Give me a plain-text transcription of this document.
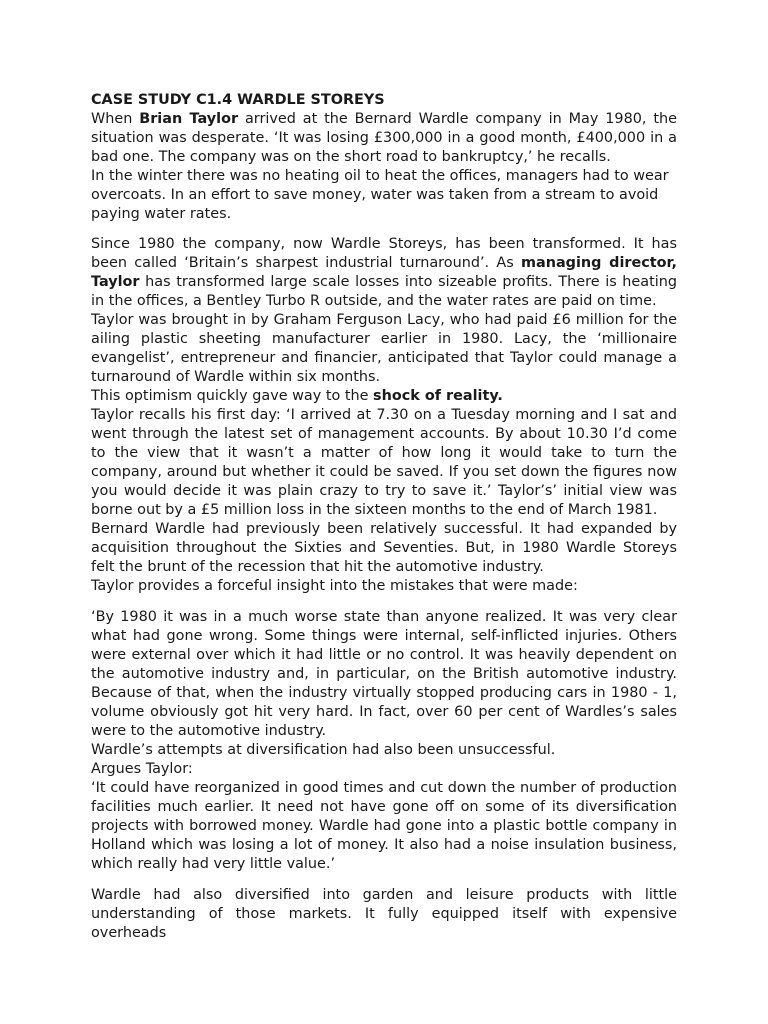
CASE STUDY C1.4 WARDLE STOREYS

When Brian Taylor arrived at the Bernard Wardle company in May 1980, the situation was desperate. ‘It was losing £300,000 in a good month, £400,000 in a bad one. The company was on the short road to bankruptcy,’ he recalls.

In the winter there was no heating oil to heat the offices, managers had to wear overcoats. In an effort to save money, water was taken from a stream to avoid paying water rates.

Since 1980 the company, now Wardle Storeys, has been transformed. It has been called ‘Britain’s sharpest industrial turnaround’. As managing director, Taylor has transformed large scale losses into sizeable profits. There is heating in the offices, a Bentley Turbo R outside, and the water rates are paid on time.

Taylor was brought in by Graham Ferguson Lacy, who had paid £6 million for the ailing plastic sheeting manufacturer earlier in 1980. Lacy, the ‘millionaire evangelist’, entrepreneur and financier, anticipated that Taylor could manage a turnaround of Wardle within six months.

This optimism quickly gave way to the shock of reality.

Taylor recalls his first day: ‘I arrived at 7.30 on a Tuesday morning and I sat and went through the latest set of management accounts. By about 10.30 I’d come to the view that it wasn’t a matter of how long it would take to turn the company, around but whether it could be saved. If you set down the figures now you would decide it was plain crazy to try to save it.’ Taylor’s’ initial view was borne out by a £5 million loss in the sixteen months to the end of March 1981.

Bernard Wardle had previously been relatively successful. It had expanded by acquisition throughout the Sixties and Seventies. But, in 1980 Wardle Storeys felt the brunt of the recession that hit the automotive industry.

Taylor provides a forceful insight into the mistakes that were made:

‘By 1980 it was in a much worse state than anyone realized. It was very clear what had gone wrong. Some things were internal, self-inflicted injuries. Others were external over which it had little or no control. It was heavily dependent on the automotive industry and, in particular, on the British automotive industry. Because of that, when the industry virtually stopped producing cars in 1980 - 1, volume obviously got hit very hard. In fact, over 60 per cent of Wardles’s sales were to the automotive industry.

Wardle’s attempts at diversification had also been unsuccessful.

Argues Taylor:

‘It could have reorganized in good times and cut down the number of production facilities much earlier. It need not have gone off on some of its diversification projects with borrowed money. Wardle had gone into a plastic bottle company in Holland which was losing a lot of money. It also had a noise insulation business, which really had very little value.’

Wardle had also diversified into garden and leisure products with little understanding of those markets. It fully equipped itself with expensive overheads
